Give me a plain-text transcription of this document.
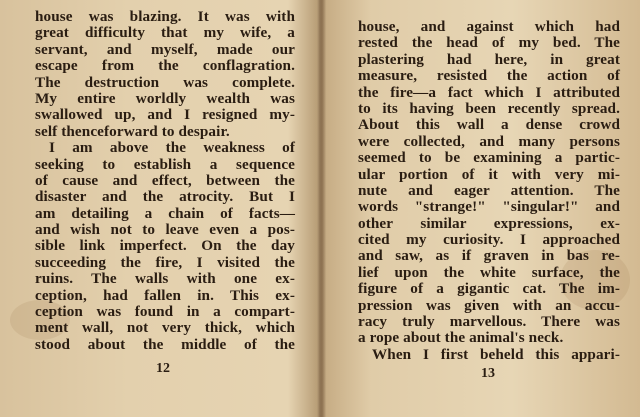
house was blazing. It was with
great difficulty that my wife, a
servant, and myself, made our
escape from the conflagration.
The destruction was complete.
My entire worldly wealth was
swallowed up, and I resigned my-
self thenceforward to despair.
I am above the weakness of
seeking to establish a sequence
of cause and effect, between the
disaster and the atrocity. But I
am detailing a chain of facts—
and wish not to leave even a pos-
sible link imperfect. On the day
succeeding the fire, I visited the
ruins. The walls with one ex-
ception, had fallen in. This ex-
ception was found in a compart-
ment wall, not very thick, which
stood about the middle of the
12
house, and against which had
rested the head of my bed. The
plastering had here, in great
measure, resisted the action of
the fire—a fact which I attributed
to its having been recently spread.
About this wall a dense crowd
were collected, and many persons
seemed to be examining a partic-
ular portion of it with very mi-
nute and eager attention. The
words "strange!" "singular!" and
other similar expressions, ex-
cited my curiosity. I approached
and saw, as if graven in bas re-
lief upon the white surface, the
figure of a gigantic cat. The im-
pression was given with an accu-
racy truly marvellous. There was
a rope about the animal's neck.
When I first beheld this appari-
13
